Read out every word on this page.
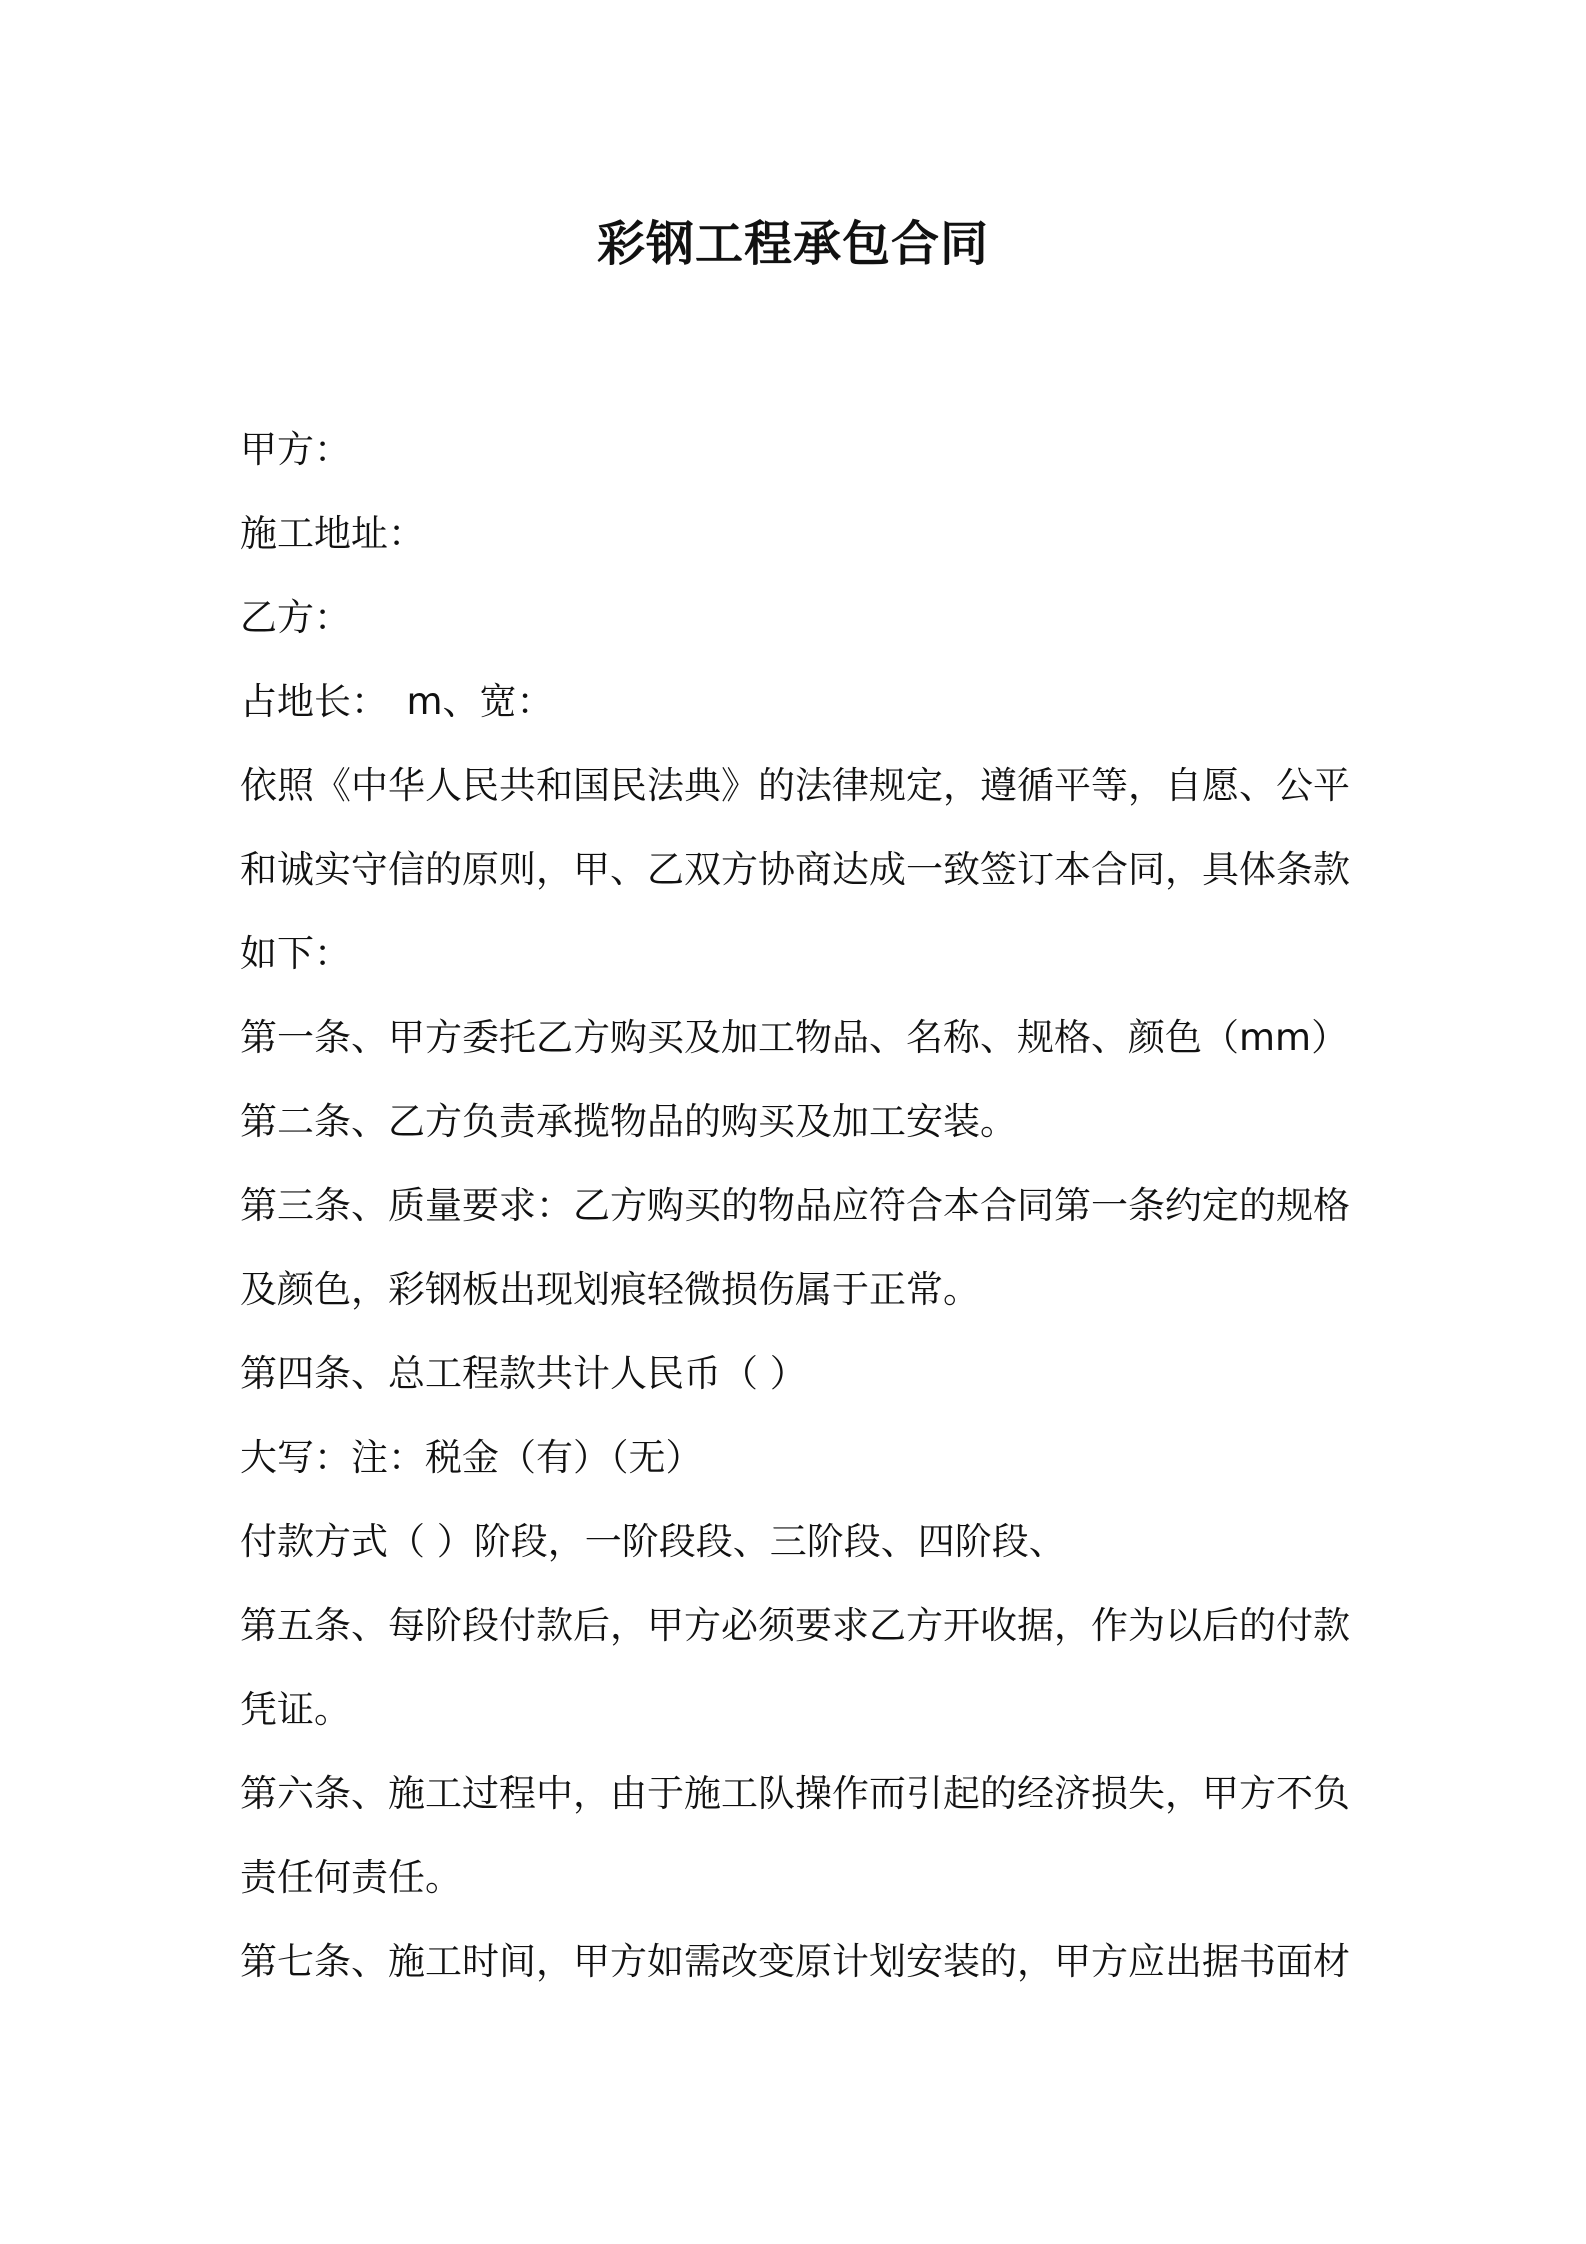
彩钢工程承包合同
甲方：
施工地址：
乙方：
占地长：　m、宽：
依照《中华人民共和国民法典》的法律规定，遵循平等，自愿、公平
和诚实守信的原则，甲、乙双方协商达成一致签订本合同，具体条款
如下：
第一条、甲方委托乙方购买及加工物品、名称、规格、颜色（mm）
第二条、乙方负责承揽物品的购买及加工安装。
第三条、质量要求：乙方购买的物品应符合本合同第一条约定的规格
及颜色，彩钢板出现划痕轻微损伤属于正常。
第四条、总工程款共计人民币（ ）
大写：注：税金（有）（无）
付款方式（ ）阶段，一阶段段、三阶段、四阶段、
第五条、每阶段付款后，甲方必须要求乙方开收据，作为以后的付款
凭证。
第六条、施工过程中，由于施工队操作而引起的经济损失，甲方不负
责任何责任。
第七条、施工时间，甲方如需改变原计划安装的，甲方应出据书面材
